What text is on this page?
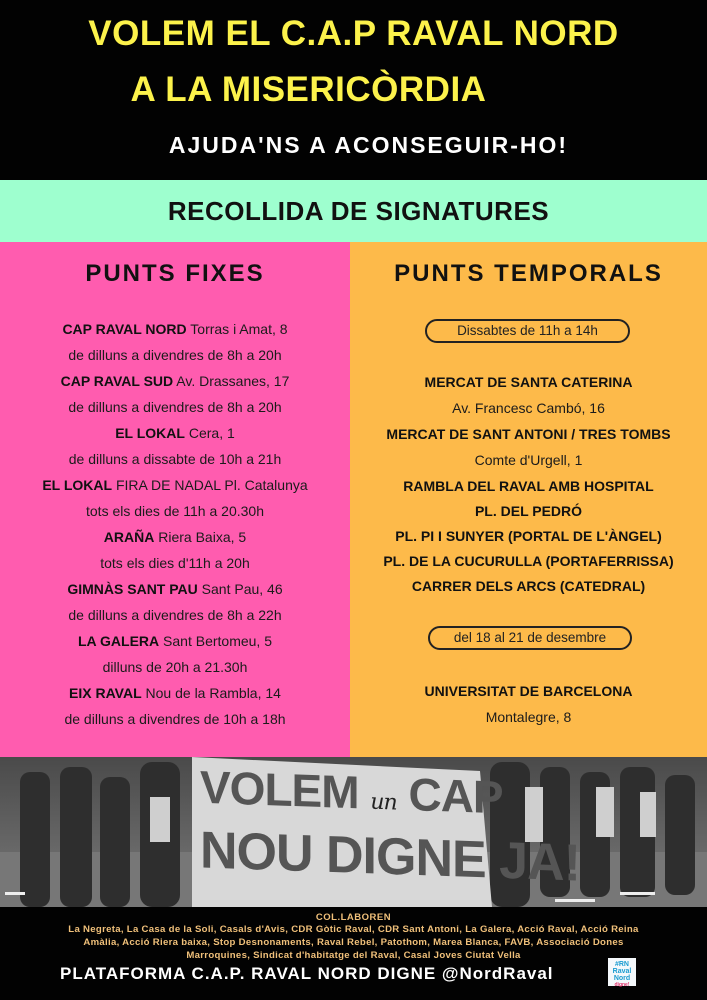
VOLEM EL C.A.P RAVAL NORD
A LA MISERICÒRDIA
AJUDA'NS A ACONSEGUIR-HO!
RECOLLIDA DE SIGNATURES
PUNTS FIXES
CAP RAVAL NORD Torras i Amat, 8
de dilluns a divendres de 8h a 20h
CAP RAVAL SUD Av. Drassanes, 17
de dilluns a divendres de 8h a 20h
EL LOKAL Cera, 1
de dilluns a dissabte de 10h a 21h
EL LOKAL FIRA DE NADAL Pl. Catalunya
tots els dies de 11h a 20.30h
ARAÑA Riera Baixa, 5
tots els dies d'11h a 20h
GIMNÀS SANT PAU Sant Pau, 46
de dilluns a divendres de 8h a 22h
LA GALERA Sant Bertomeu, 5
dilluns de 20h a 21.30h
EIX RAVAL Nou de la Rambla, 14
de dilluns a divendres de 10h a 18h
PUNTS TEMPORALS
Dissabtes de 11h a 14h
MERCAT DE SANTA CATERINA
Av. Francesc Cambó, 16
MERCAT DE SANT ANTONI / TRES TOMBS
Comte d'Urgell, 1
RAMBLA DEL RAVAL AMB HOSPITAL
PL. DEL PEDRÓ
PL. PI I SUNYER (PORTAL DE L'ÀNGEL)
PL. DE LA CUCURULLA (PORTAFERRISSA)
CARRER DELS ARCS (CATEDRAL)
del 18 al 21 de desembre
UNIVERSITAT DE BARCELONA
Montalegre, 8
VOLEM un CAP
NOU DIGNE JA!
COL.LABOREN
La Negreta, La Casa de la Soli, Casals d'Avis, CDR Gòtic Raval, CDR Sant Antoni, La Galera, Acció Raval, Acció Reina
Amàlia, Acció Riera baixa, Stop Desnonaments, Raval Rebel, Patothom, Marea Blanca, FAVB, Associació Dones
Marroquines, Sindicat d'habitatge del Raval, Casal Joves Ciutat Vella
PLATAFORMA C.A.P. RAVAL NORD DIGNE @NordRaval	#RN
Raval
Nord
digne!
